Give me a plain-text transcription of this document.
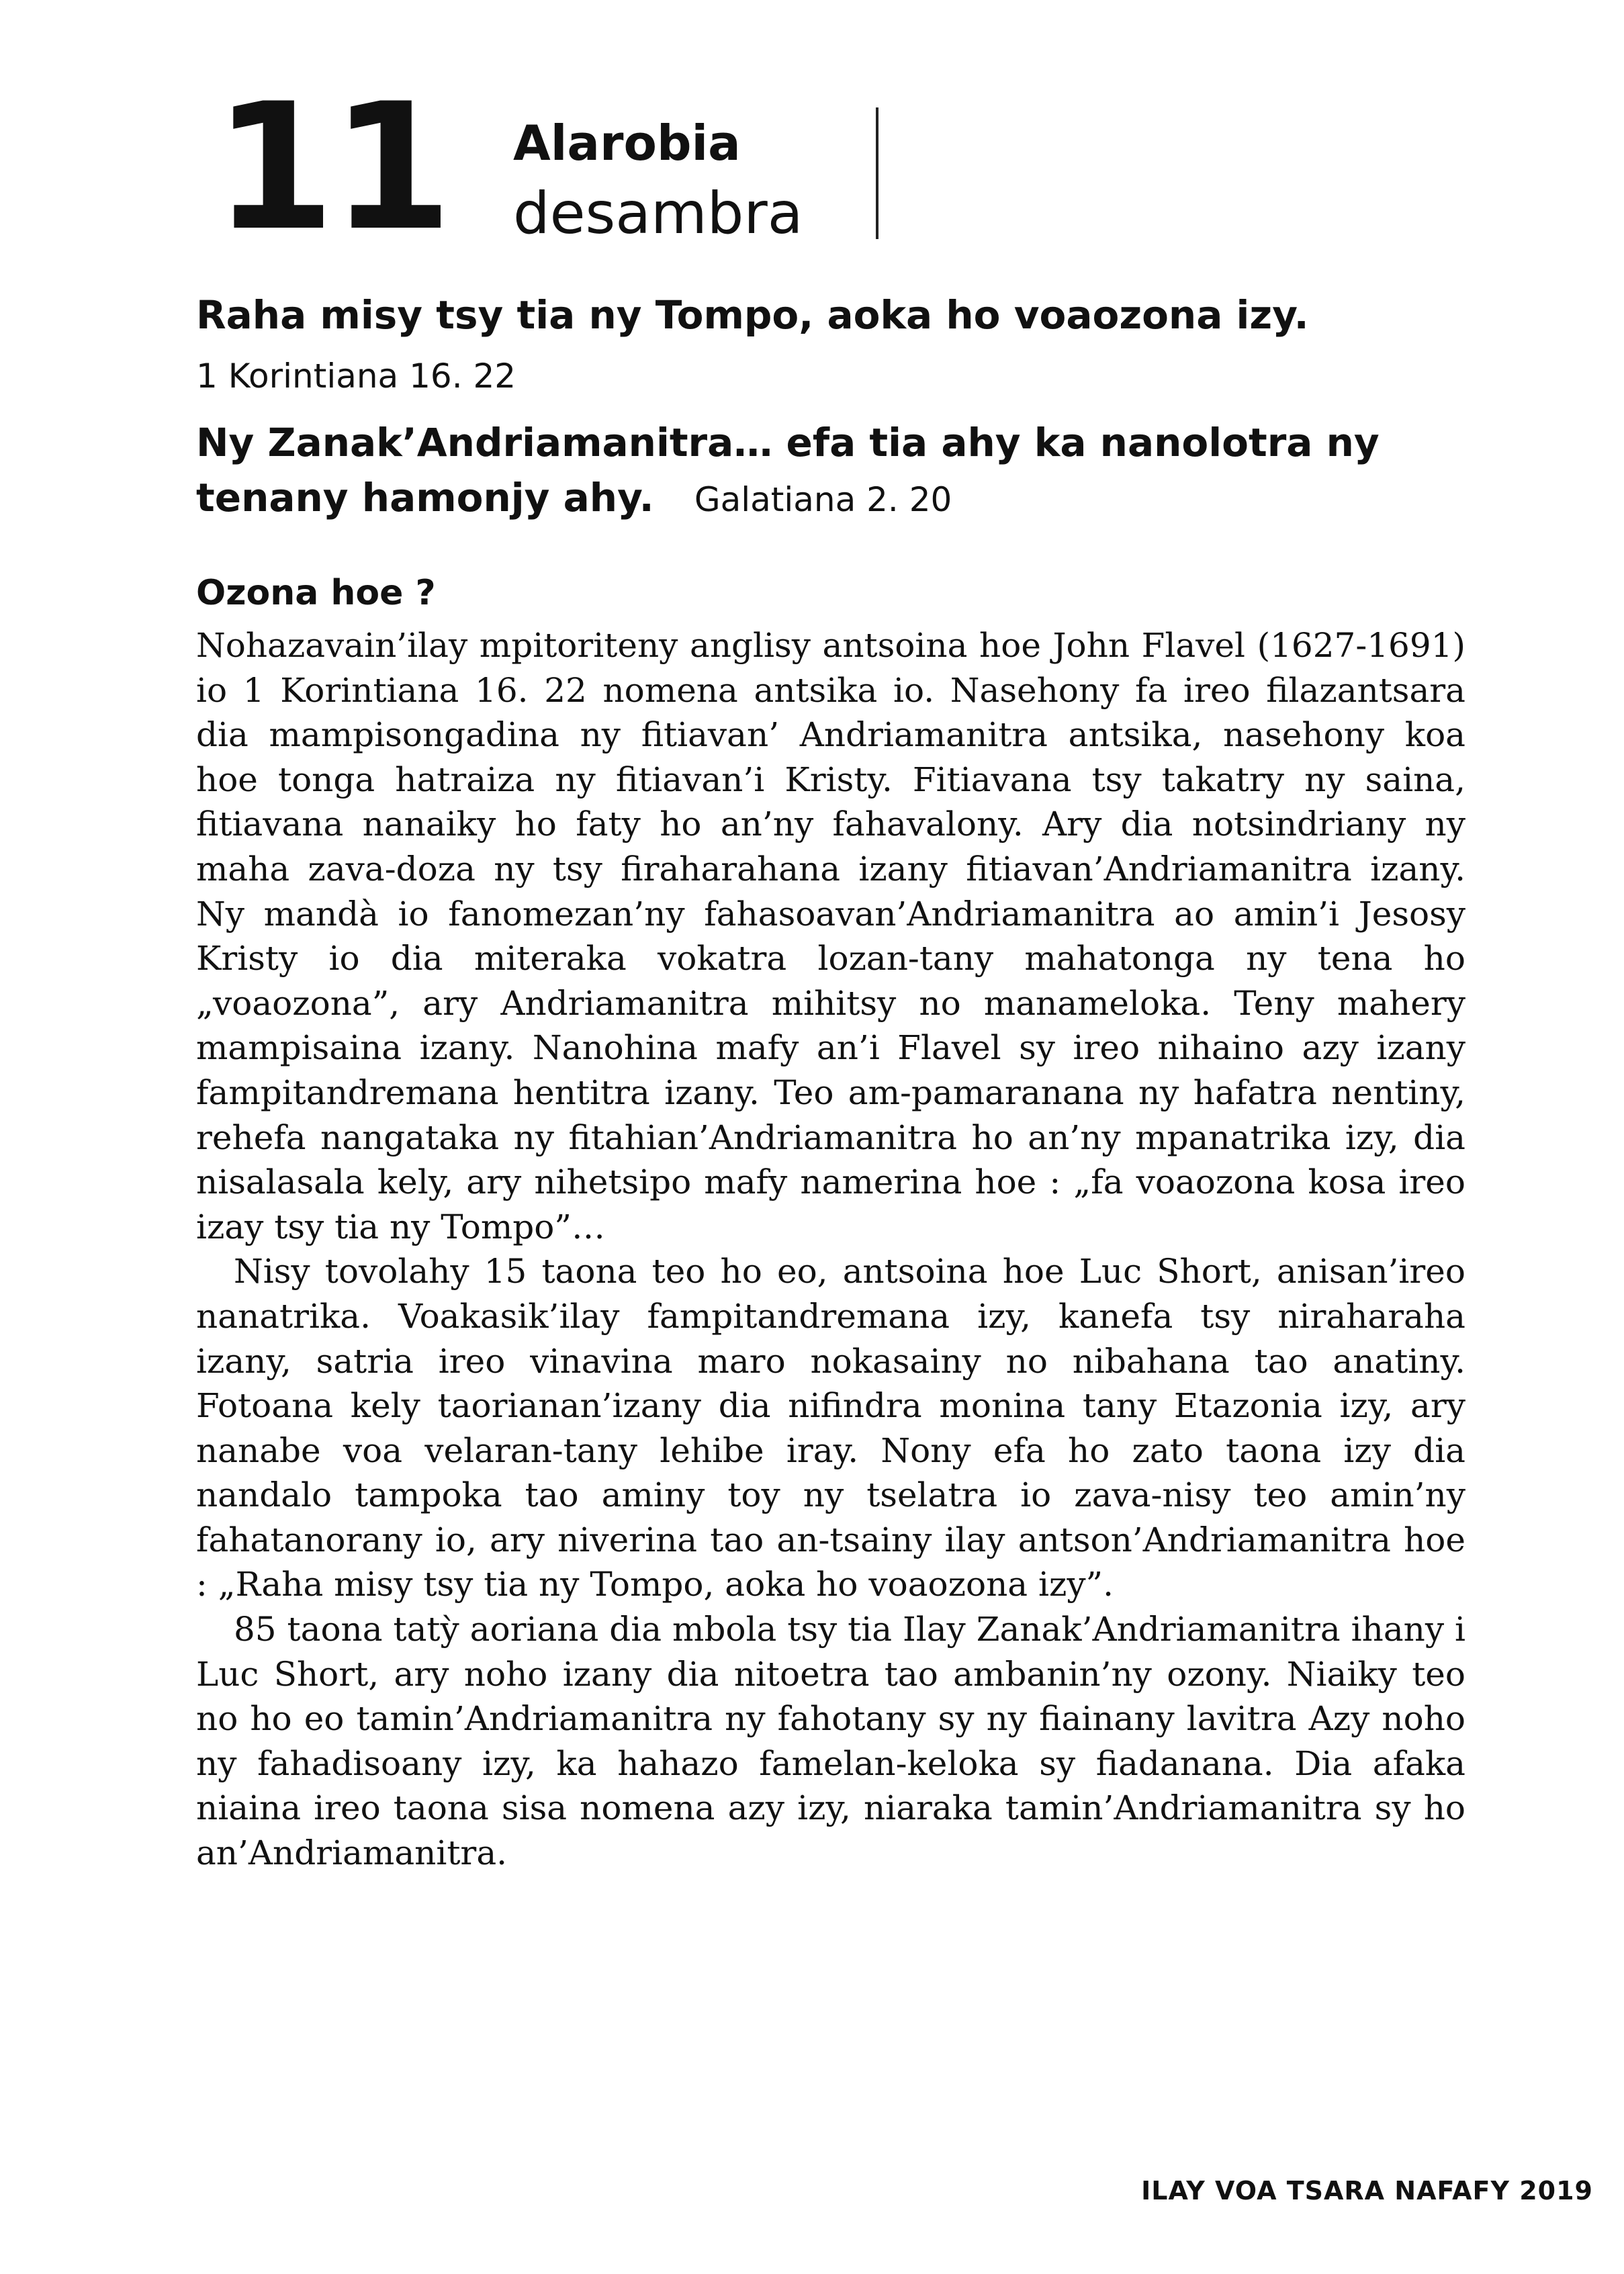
11 Alarobia
desambra
Raha misy tsy tia ny Tompo, aoka ho voaozona izy.
1 Korintiana 16. 22
Ny Zanak’Andriamanitra… efa tia ahy ka nanolotra ny tenany hamonjy ahy. Galatiana 2. 20
Ozona hoe ?

Nohazavain’ilay mpitoriteny anglisy antsoina hoe John Flavel (1627-1691) io 1 Korintiana 16. 22 nomena antsika io. Nasehony fa ireo filazantsara dia mampisongadina ny fitiavan’ Andriamanitra antsika, nasehony koa hoe tonga hatraiza ny fitiavan’i Kristy. Fitiavana tsy takatry ny saina, fitiavana nanaiky ho faty ho an’ny fahavalony. Ary dia notsindriany ny maha zava-doza ny tsy firaharahana izany fitiavan’Andriamanitra izany. Ny mandà io fanomezan’ny fahasoavan’Andriamanitra ao amin’i Jesosy Kristy io dia miteraka vokatra lozan-tany mahatonga ny tena ho „voaozona”, ary Andriamanitra mihitsy no manameloka. Teny mahery mampisaina izany. Nanohina mafy an’i Flavel sy ireo nihaino azy izany fampitandremana hentitra izany. Teo am-pamaranana ny hafatra nentiny, rehefa nangataka ny fitahian’Andriamanitra ho an’ny mpanatrika izy, dia nisalasala kely, ary nihetsipo mafy namerina hoe : „fa voaozona kosa ireo izay tsy tia ny Tompo”…

Nisy tovolahy 15 taona teo ho eo, antsoina hoe Luc Short, anisan’ireo nanatrika. Voakasik’ilay fampitandremana izy, kanefa tsy niraharaha izany, satria ireo vinavina maro nokasainy no nibahana tao anatiny. Fotoana kely taorianan’izany dia nifindra monina tany Etazonia izy, ary nanabe voa velaran-tany lehibe iray. Nony efa ho zato taona izy dia nandalo tampoka tao aminy toy ny tselatra io zava-nisy teo amin’ny fahatanorany io, ary niverina tao an-tsainy ilay antson’Andriamanitra hoe : „Raha misy tsy tia ny Tompo, aoka ho voaozona izy”.

85 taona tatỳ aoriana dia mbola tsy tia Ilay Zanak’Andriamanitra ihany i Luc Short, ary noho izany dia nitoetra tao ambanin’ny ozony. Niaiky teo no ho eo tamin’Andriamanitra ny fahotany sy ny fiainany lavitra Azy noho ny fahadisoany izy, ka hahazo famelan-keloka sy fiadanana. Dia afaka niaina ireo taona sisa nomena azy izy, niaraka tamin’Andriamanitra sy ho an’Andriamanitra.

ILAY VOA TSARA NAFAFY 2019
